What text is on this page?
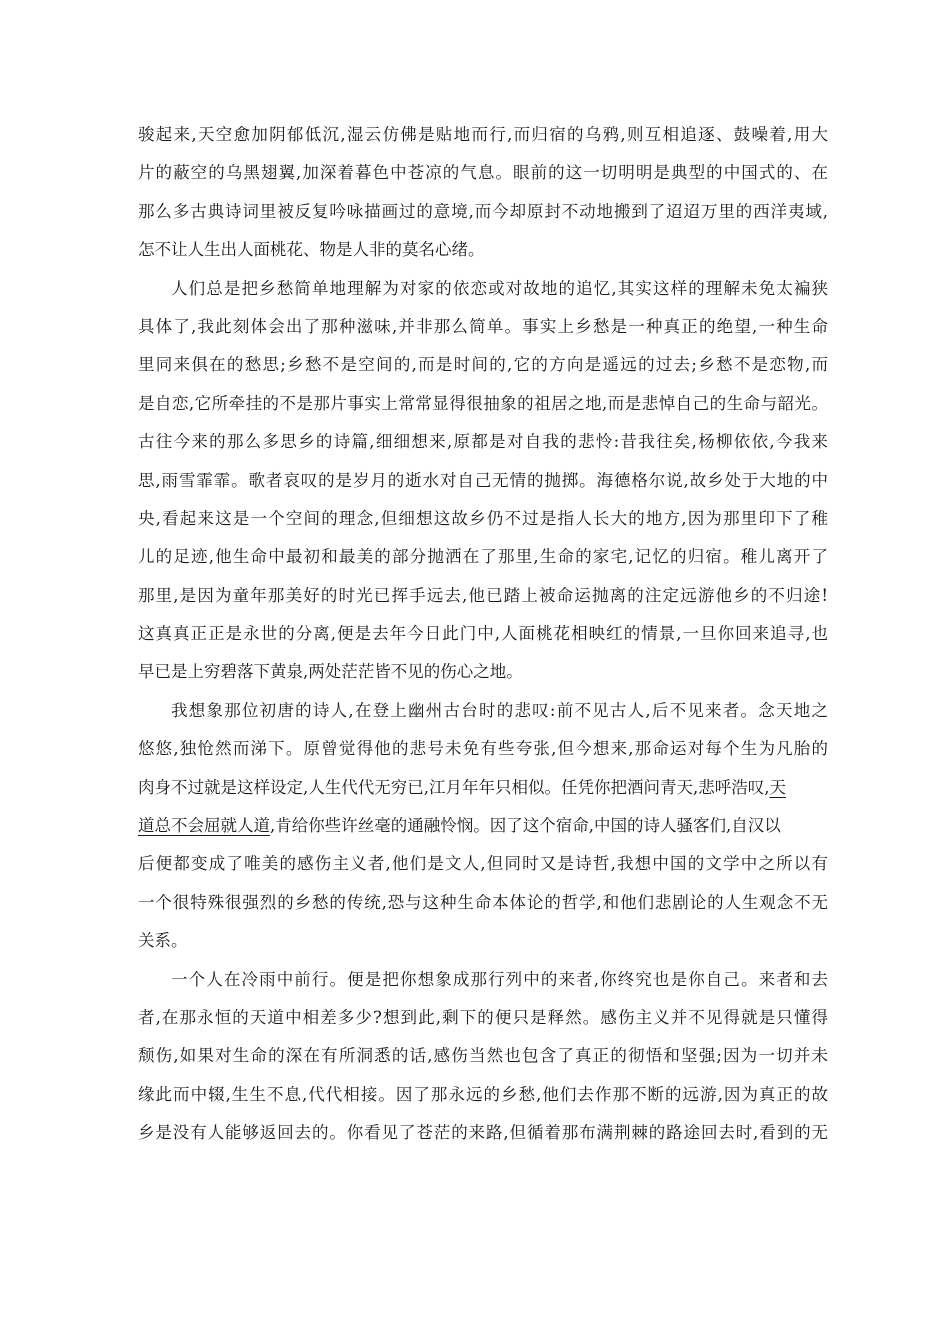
骏起来,天空愈加阴郁低沉,湿云仿佛是贴地而行,而归宿的乌鸦,则互相追逐、鼓噪着,用大
片的蔽空的乌黑翅翼,加深着暮色中苍凉的气息。眼前的这一切明明是典型的中国式的、在
那么多古典诗词里被反复吟咏描画过的意境,而今却原封不动地搬到了迢迢万里的西洋夷域,
怎不让人生出人面桃花、物是人非的莫名心绪。
人们总是把乡愁简单地理解为对家的依恋或对故地的追忆,其实这样的理解未免太褊狭
具体了,我此刻体会出了那种滋味,并非那么简单。事实上乡愁是一种真正的绝望,一种生命
里同来俱在的愁思;乡愁不是空间的,而是时间的,它的方向是遥远的过去;乡愁不是恋物,而
是自恋,它所牵挂的不是那片事实上常常显得很抽象的祖居之地,而是悲悼自己的生命与韶光。
古往今来的那么多思乡的诗篇,细细想来,原都是对自我的悲怜:昔我往矣,杨柳依依,今我来
思,雨雪霏霏。歌者哀叹的是岁月的逝水对自己无情的抛掷。海德格尔说,故乡处于大地的中
央,看起来这是一个空间的理念,但细想这故乡仍不过是指人长大的地方,因为那里印下了稚
儿的足迹,他生命中最初和最美的部分抛洒在了那里,生命的家宅,记忆的归宿。稚儿离开了
那里,是因为童年那美好的时光已挥手远去,他已踏上被命运抛离的注定远游他乡的不归途!
这真真正正是永世的分离,便是去年今日此门中,人面桃花相映红的情景,一旦你回来追寻,也
早已是上穷碧落下黄泉,两处茫茫皆不见的伤心之地。
我想象那位初唐的诗人,在登上幽州古台时的悲叹:前不见古人,后不见来者。念天地之
悠悠,独怆然而涕下。原曾觉得他的悲号未免有些夸张,但今想来,那命运对每个生为凡胎的
肉身不过就是这样设定,人生代代无穷已,江月年年只相似。任凭你把酒问青天,悲呼浩叹,天
道总不会屈就人道,肯给你些许丝毫的通融怜悯。因了这个宿命,中国的诗人骚客们,自汉以
后便都变成了唯美的感伤主义者,他们是文人,但同时又是诗哲,我想中国的文学中之所以有
一个很特殊很强烈的乡愁的传统,恐与这种生命本体论的哲学,和他们悲剧论的人生观念不无
关系。
一个人在冷雨中前行。便是把你想象成那行列中的来者,你终究也是你自己。来者和去
者,在那永恒的天道中相差多少?想到此,剩下的便只是释然。感伤主义并不见得就是只懂得
颓伤,如果对生命的深在有所洞悉的话,感伤当然也包含了真正的彻悟和坚强;因为一切并未
缘此而中辍,生生不息,代代相接。因了那永远的乡愁,他们去作那不断的远游,因为真正的故
乡是没有人能够返回去的。你看见了苍茫的来路,但循着那布满荆棘的路途回去时,看到的无
